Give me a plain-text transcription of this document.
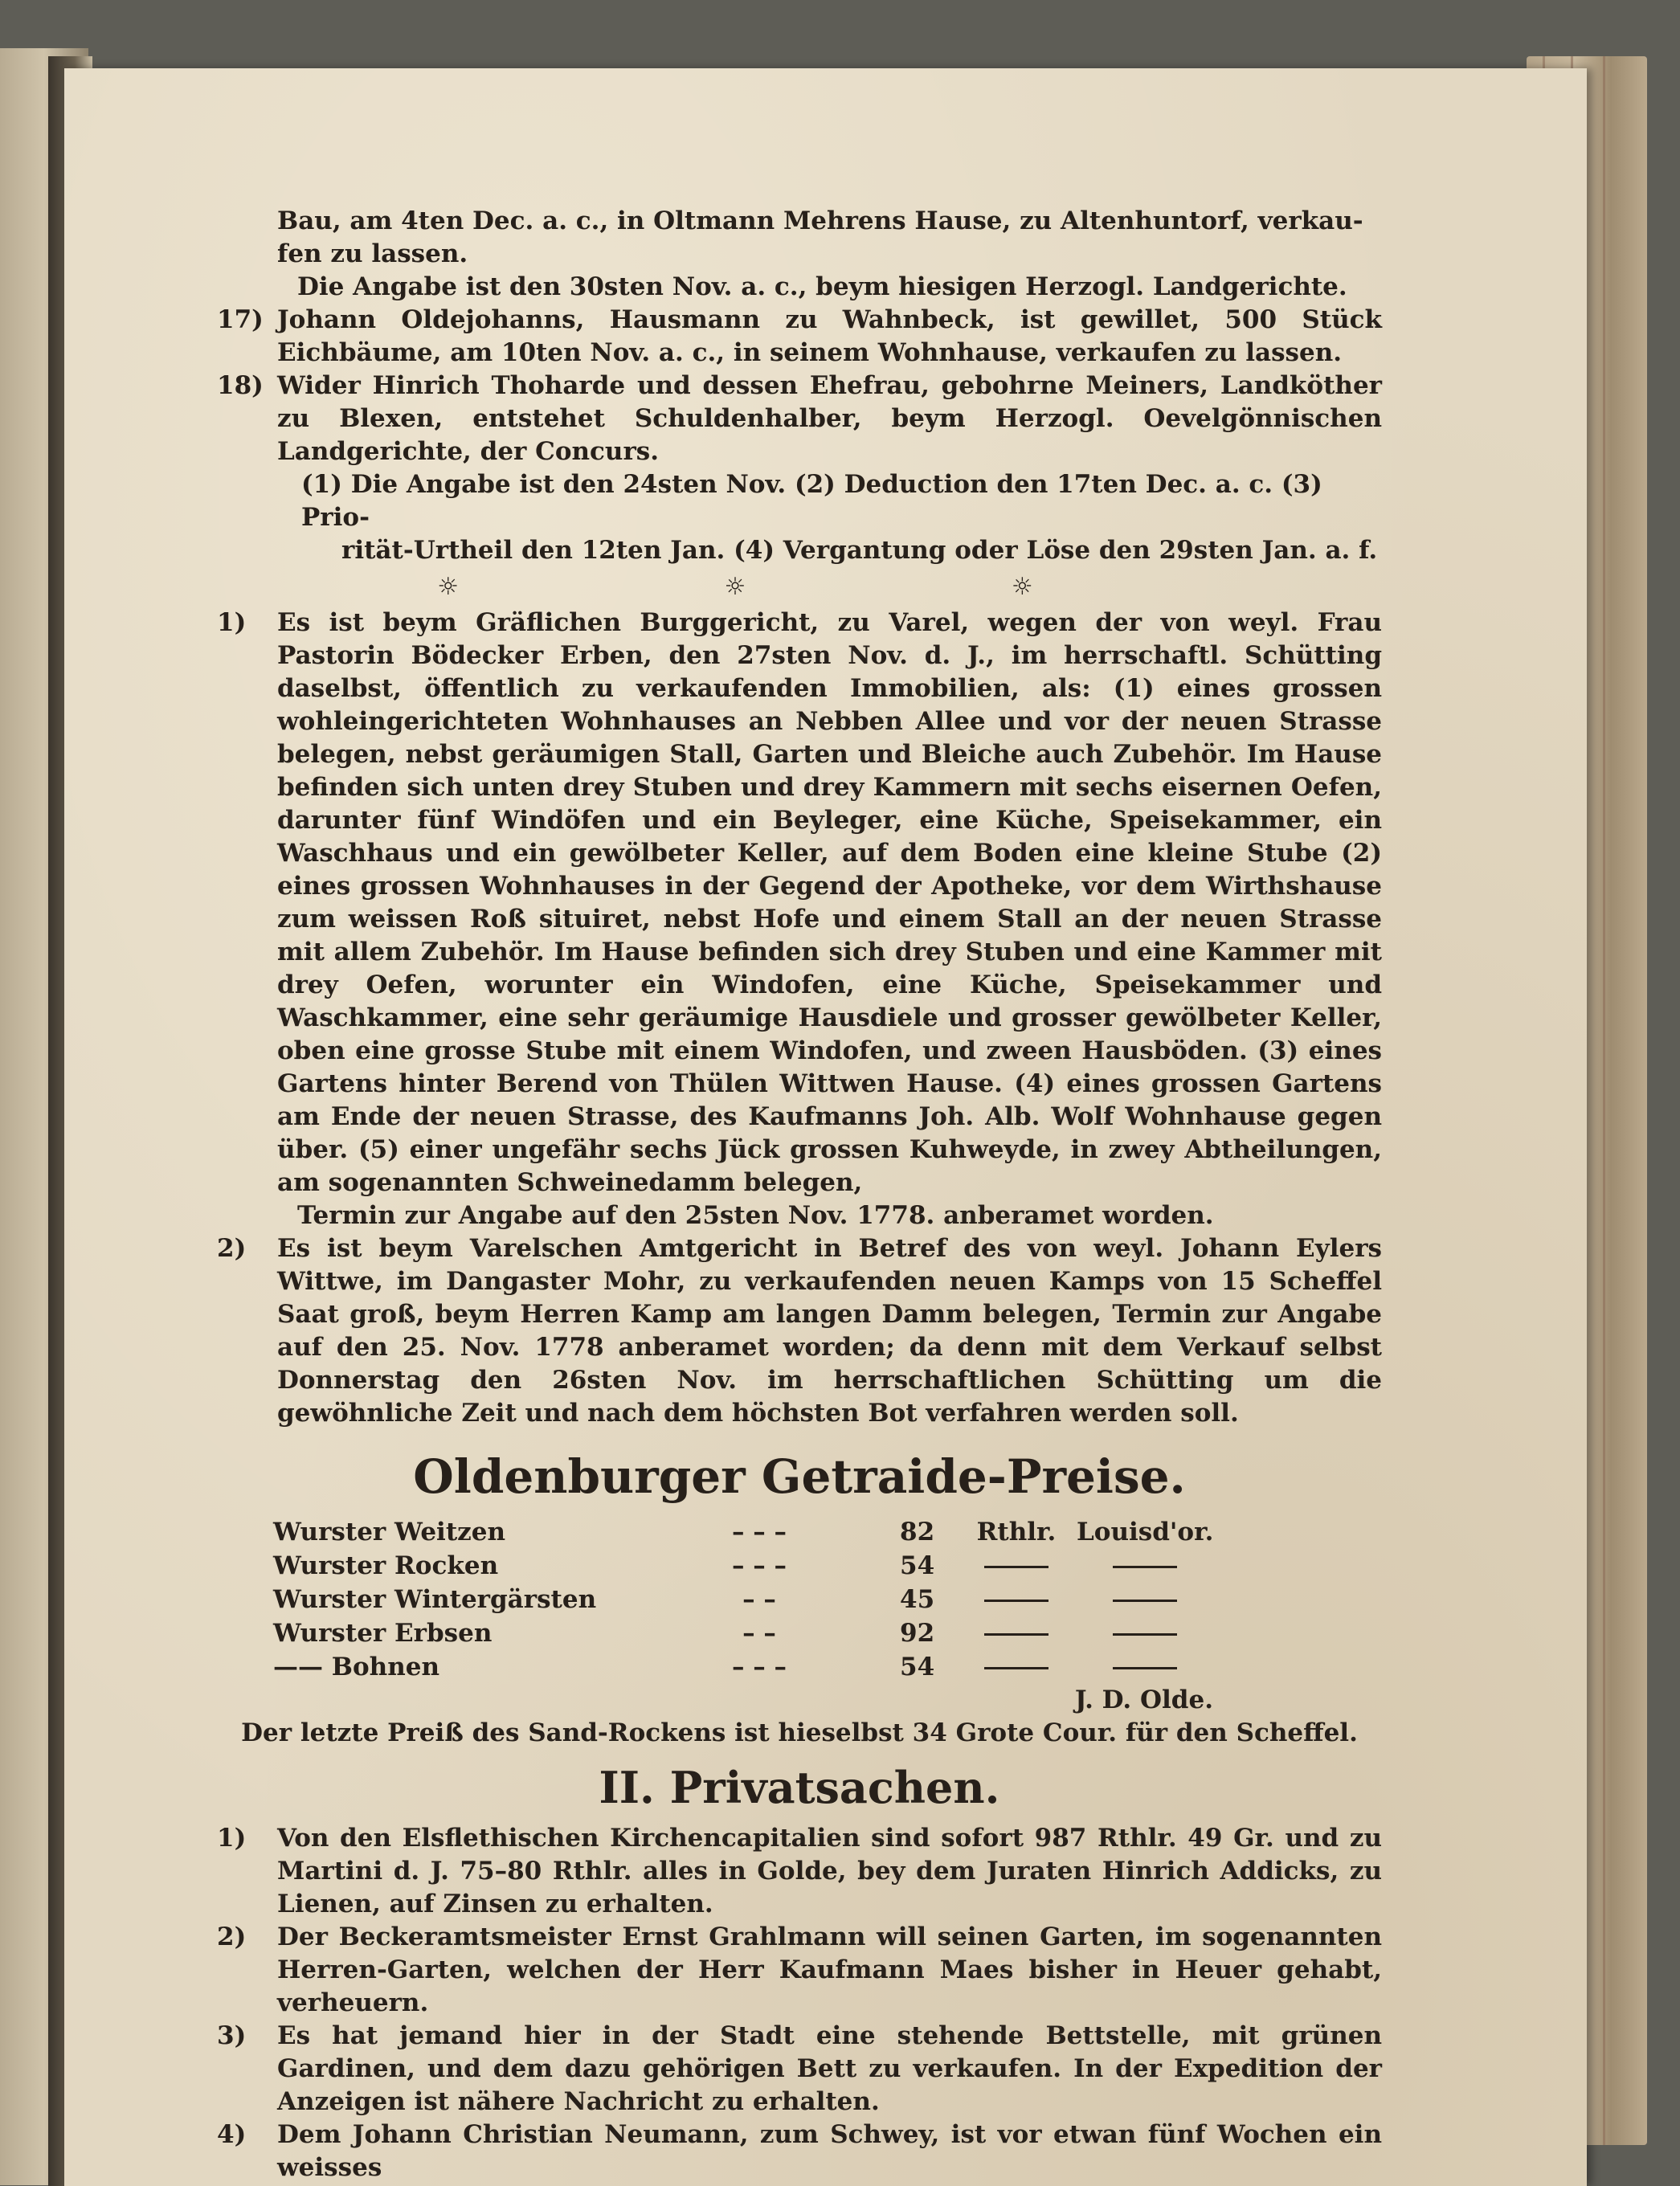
Bau, am 4ten Dec. a. c., in Oltmann Mehrens Hause, zu Altenhuntorf, verkau-
fen zu lassen.
Die Angabe ist den 30sten Nov. a. c., beym hiesigen Herzogl. Landgerichte.
17) Johann Oldejohanns, Hausmann zu Wahnbeck, ist gewillet, 500 Stück Eichbäume, am 10ten Nov. a. c., in seinem Wohnhause, verkaufen zu lassen.

18) Wider Hinrich Thoharde und dessen Ehefrau, gebohrne Meiners, Landköther zu Blexen, entstehet Schuldenhalber, beym Herzogl. Oevelgönnischen Landgerichte, der Concurs.

(1) Die Angabe ist den 24sten Nov. (2) Deduction den 17ten Dec. a. c. (3) Prio-
rität-Urtheil den 12ten Jan. (4) Vergantung oder Löse den 29sten Jan. a. f.
☼ ☼ ☼
1)	Es ist beym Gräflichen Burggericht, zu Varel, wegen der von weyl. Frau Pastorin Bödecker Erben, den 27sten Nov. d. J., im herrschaftl. Schütting daselbst, öffentlich zu verkaufenden Immobilien, als: (1) eines grossen wohleingerichteten Wohnhauses an Nebben Allee und vor der neuen Strasse belegen, nebst geräumigen Stall, Garten und Bleiche auch Zubehör. Im Hause befinden sich unten drey Stuben und drey Kammern mit sechs eisernen Oefen, darunter fünf Windöfen und ein Beyleger, eine Küche, Speisekammer, ein Waschhaus und ein gewölbeter Keller, auf dem Boden eine kleine Stube (2) eines grossen Wohnhauses in der Gegend der Apotheke, vor dem Wirthshause zum weissen Roß situiret, nebst Hofe und einem Stall an der neuen Strasse mit allem Zubehör. Im Hause befinden sich drey Stuben und eine Kammer mit drey Oefen, worunter ein Windofen, eine Küche, Speisekammer und Waschkammer, eine sehr geräumige Hausdiele und grosser gewölbeter Keller, oben eine grosse Stube mit einem Windofen, und zween Hausböden. (3) eines Gartens hinter Berend von Thülen Wittwen Hause. (4) eines grossen Gartens am Ende der neuen Strasse, des Kaufmanns Joh. Alb. Wolf Wohnhause gegen über. (5) einer ungefähr sechs Jück grossen Kuhweyde, in zwey Abtheilungen, am sogenannten Schweinedamm belegen,

Termin zur Angabe auf den 25sten Nov. 1778. anberamet worden.
2)	Es ist beym Varelschen Amtgericht in Betref des von weyl. Johann Eylers Wittwe, im Dangaster Mohr, zu verkaufenden neuen Kamps von 15 Scheffel Saat groß, beym Herren Kamp am langen Damm belegen, Termin zur Angabe auf den 25. Nov. 1778 anberamet worden; da denn mit dem Verkauf selbst Donnerstag den 26sten Nov. im herrschaftlichen Schütting um die gewöhnliche Zeit und nach dem höchsten Bot verfahren werden soll.

Oldenburger Getraide-Preise.
Wurster Weitzen	– – –	82	Rthlr.	Louisd'or.
Wurster Rocken	– – –	54		
Wurster Wintergärsten	– –	45		
Wurster Erbsen	– –	92		
—— Bohnen	– – –	54		
J. D. Olde.
Der letzte Preiß des Sand-Rockens ist hieselbst 34 Grote Cour. für den Scheffel.
II. Privatsachen.
1)	Von den Elsflethischen Kirchencapitalien sind sofort 987 Rthlr. 49 Gr. und zu Martini d. J. 75–80 Rthlr. alles in Golde, bey dem Juraten Hinrich Addicks, zu Lienen, auf Zinsen zu erhalten.

2)	Der Beckeramtsmeister Ernst Grahlmann will seinen Garten, im sogenannten Herren-Garten, welchen der Herr Kaufmann Maes bisher in Heuer gehabt, verheuern.

3)	Es hat jemand hier in der Stadt eine stehende Bettstelle, mit grünen Gardinen, und dem dazu gehörigen Bett zu verkaufen. In der Expedition der Anzeigen ist nähere Nachricht zu erhalten.

4)	Dem Johann Christian Neumann, zum Schwey, ist vor etwan fünf Wochen ein weisses
